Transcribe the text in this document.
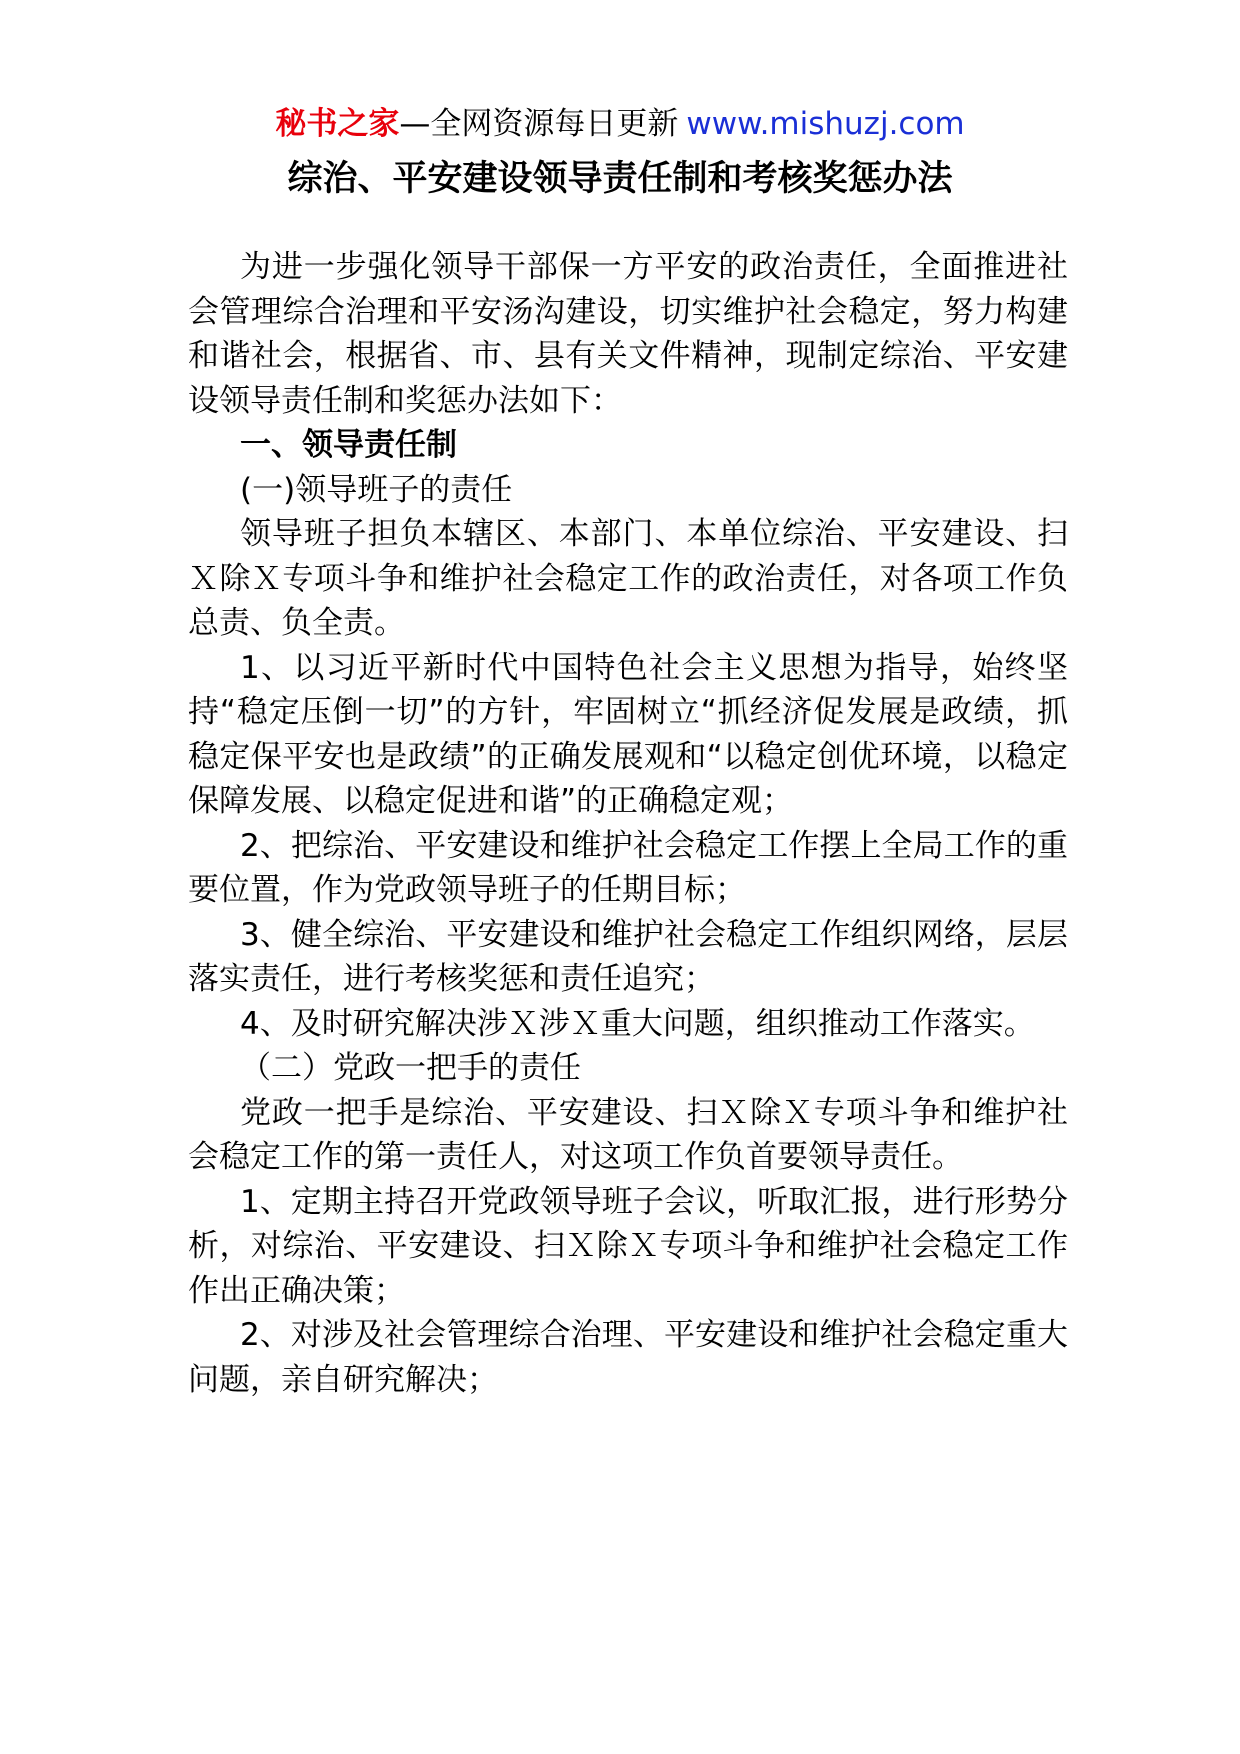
秘书之家—全网资源每日更新 www.mishuzj.com
综治、平安建设领导责任制和考核奖惩办法

为进一步强化领导干部保一方平安的政治责任，全面推进社会管理综合治理和平安汤沟建设，切实维护社会稳定，努力构建和谐社会，根据省、市、县有关文件精神，现制定综治、平安建设领导责任制和奖惩办法如下：

一、领导责任制

(一)领导班子的责任

领导班子担负本辖区、本部门、本单位综治、平安建设、扫Ｘ除Ｘ专项斗争和维护社会稳定工作的政治责任，对各项工作负总责、负全责。

1、以习近平新时代中国特色社会主义思想为指导，始终坚持“稳定压倒一切”的方针，牢固树立“抓经济促发展是政绩，抓稳定保平安也是政绩”的正确发展观和“以稳定创优环境，以稳定保障发展、以稳定促进和谐”的正确稳定观；

2、把综治、平安建设和维护社会稳定工作摆上全局工作的重要位置，作为党政领导班子的任期目标；

3、健全综治、平安建设和维护社会稳定工作组织网络，层层落实责任，进行考核奖惩和责任追究；

4、及时研究解决涉Ｘ涉Ｘ重大问题，组织推动工作落实。

（二）党政一把手的责任

党政一把手是综治、平安建设、扫Ｘ除Ｘ专项斗争和维护社会稳定工作的第一责任人，对这项工作负首要领导责任。

1、定期主持召开党政领导班子会议，听取汇报，进行形势分析，对综治、平安建设、扫Ｘ除Ｘ专项斗争和维护社会稳定工作作出正确决策；

2、对涉及社会管理综合治理、平安建设和维护社会稳定重大问题，亲自研究解决；
